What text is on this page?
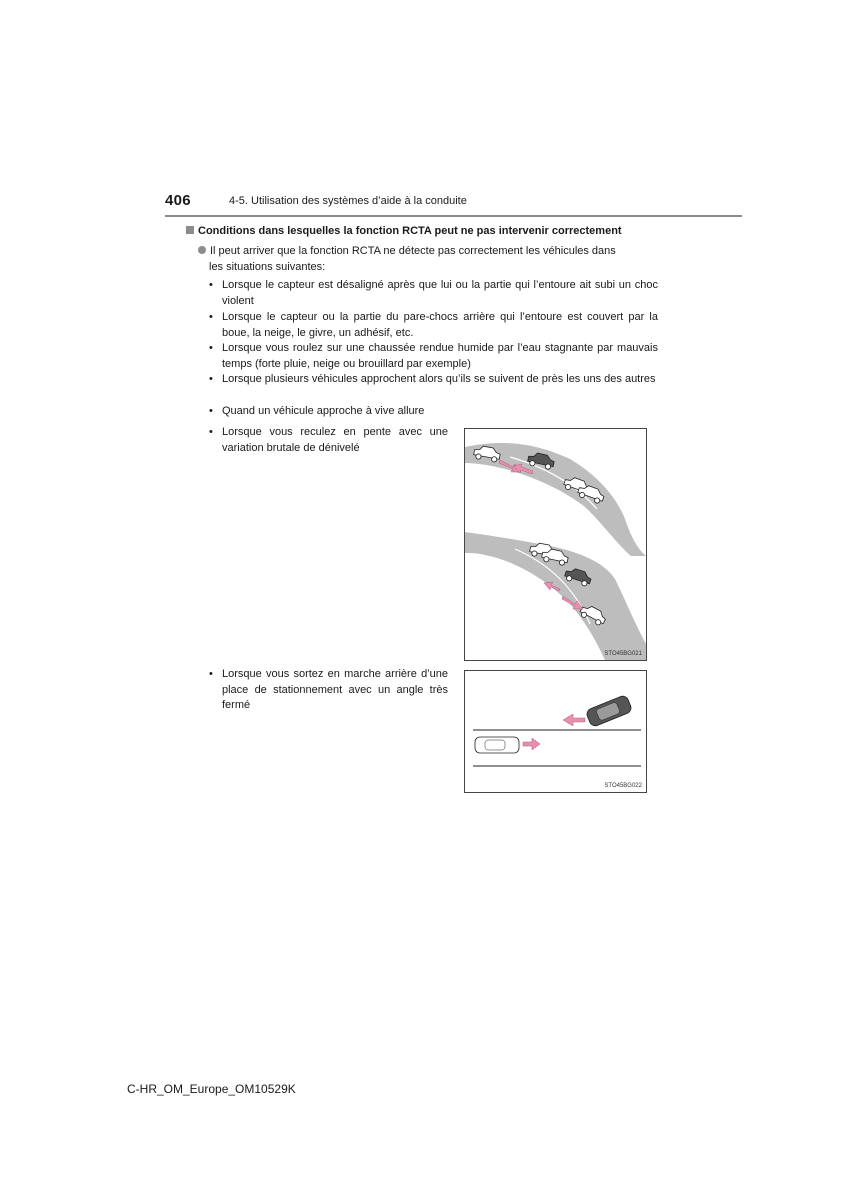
406	4-5. Utilisation des systèmes d’aide à la conduite
Conditions dans lesquelles la fonction RCTA peut ne pas intervenir correctement
Il peut arriver que la fonction RCTA ne détecte pas correctement les véhicules dans
les situations suivantes:
• Lorsque le capteur est désaligné après que lui ou la partie qui l’entoure ait subi un choc violent
• Lorsque le capteur ou la partie du pare-chocs arrière qui l’entoure est couvert par la boue, la neige, le givre, un adhésif, etc.
• Lorsque vous roulez sur une chaussée rendue humide par l’eau stagnante par mauvais temps (forte pluie, neige ou brouillard par exemple)
• Lorsque plusieurs véhicules approchent alors qu’ils se suivent de près les uns des autres
• Quand un véhicule approche à vive allure
• Lorsque vous reculez en pente avec une variation brutale de dénivelé
• Lorsque vous sortez en marche arrière d’une place de stationnement avec un angle très fermé
STO45BG021
STO45BG022
C-HR_OM_Europe_OM10529K
